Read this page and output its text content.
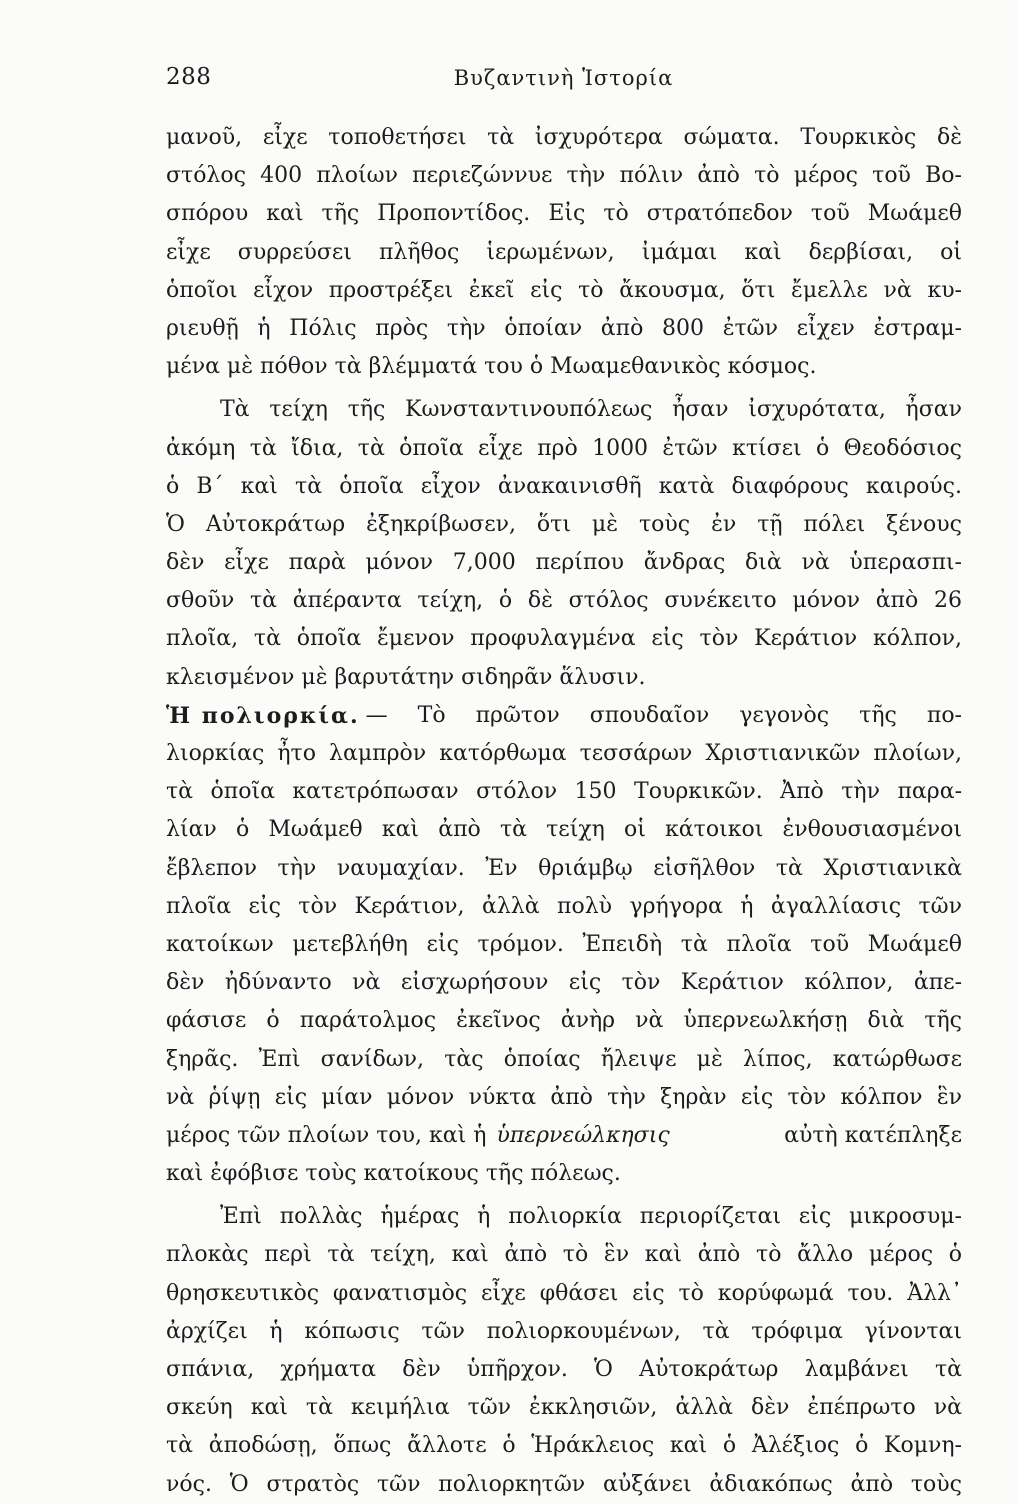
288	Βυζαντινὴ Ἱστορία
μανοῦ, εἶχε τοποθετήσει τὰ ἰσχυρότερα σώματα. Τουρκικὸς δὲ
στόλος 400 πλοίων περιεζώννυε τὴν πόλιν ἀπὸ τὸ μέρος τοῦ Βο-
σπόρου καὶ τῆς Προποντίδος. Εἰς τὸ στρατόπεδον τοῦ Μωάμεθ
εἶχε συρρεύσει πλῆθος ἱερωμένων, ἰμάμαι καὶ δερβίσαι, οἱ
ὁποῖοι εἶχον προστρέξει ἐκεῖ εἰς τὸ ἄκουσμα, ὅτι ἔμελλε νὰ κυ-
ριευθῇ ἡ Πόλις πρὸς τὴν ὁποίαν ἀπὸ 800 ἐτῶν εἶχεν ἐστραμ-
μένα μὲ πόθον τὰ βλέμματά του ὁ Μωαμεθανικὸς κόσμος.
Τὰ τείχη τῆς Κωνσταντινουπόλεως ἦσαν ἰσχυρότατα, ἦσαν
ἀκόμη τὰ ἴδια, τὰ ὁποῖα εἶχε πρὸ 1000 ἐτῶν κτίσει ὁ Θεοδόσιος
ὁ Β΄ καὶ τὰ ὁποῖα εἶχον ἀνακαινισθῆ κατὰ διαφόρους καιρούς.
Ὁ Αὐτοκράτωρ ἐξηκρίβωσεν, ὅτι μὲ τοὺς ἐν τῇ πόλει ξένους
δὲν εἶχε παρὰ μόνον 7,000 περίπου ἄνδρας διὰ νὰ ὑπερασπι-
σθοῦν τὰ ἀπέραντα τείχη, ὁ δὲ στόλος συνέκειτο μόνον ἀπὸ 26
πλοῖα, τὰ ὁποῖα ἔμενον προφυλαγμένα εἰς τὸν Κεράτιον κόλπον,
κλεισμένον μὲ βαρυτάτην σιδηρᾶν ἅλυσιν.
Ἡ πολιορκία. — Τὸ πρῶτον σπουδαῖον γεγονὸς τῆς πο-
λιορκίας ἦτο λαμπρὸν κατόρθωμα τεσσάρων Χριστιανικῶν πλοίων,
τὰ ὁποῖα κατετρόπωσαν στόλον 150 Τουρκικῶν. Ἀπὸ τὴν παρα-
λίαν ὁ Μωάμεθ καὶ ἀπὸ τὰ τείχη οἱ κάτοικοι ἐνθουσιασμένοι
ἔβλεπον τὴν ναυμαχίαν. Ἐν θριάμβῳ εἰσῆλθον τὰ Χριστιανικὰ
πλοῖα εἰς τὸν Κεράτιον, ἀλλὰ πολὺ γρήγορα ἡ ἀγαλλίασις τῶν
κατοίκων μετεβλήθη εἰς τρόμον. Ἐπειδὴ τὰ πλοῖα τοῦ Μωάμεθ
δὲν ἠδύναντο νὰ εἰσχωρήσουν εἰς τὸν Κεράτιον κόλπον, ἀπε-
φάσισε ὁ παράτολμος ἐκεῖνος ἀνὴρ νὰ ὑπερνεωλκήσῃ διὰ τῆς
ξηρᾶς. Ἐπὶ σανίδων, τὰς ὁποίας ἤλειψε μὲ λίπος, κατώρθωσε
νὰ ῥίψῃ εἰς μίαν μόνον νύκτα ἀπὸ τὴν ξηρὰν εἰς τὸν κόλπον ἓν
μέρος τῶν πλοίων του, καὶ ἡ ὑπερνεώλκησις	αὐτὴ κατέπληξε
καὶ ἐφόβισε τοὺς κατοίκους τῆς πόλεως.
Ἐπὶ πολλὰς ἡμέρας ἡ πολιορκία περιορίζεται εἰς μικροσυμ-
πλοκὰς περὶ τὰ τείχη, καὶ ἀπὸ τὸ ἓν καὶ ἀπὸ τὸ ἄλλο μέρος ὁ
θρησκευτικὸς φανατισμὸς εἶχε φθάσει εἰς τὸ κορύφωμά του. Ἀλλ᾽
ἀρχίζει ἡ κόπωσις τῶν πολιορκουμένων, τὰ τρόφιμα γίνονται
σπάνια, χρήματα δὲν ὑπῆρχον. Ὁ Αὐτοκράτωρ λαμβάνει τὰ
σκεύη καὶ τὰ κειμήλια τῶν ἐκκλησιῶν, ἀλλὰ δὲν ἐπέπρωτο νὰ
τὰ ἀποδώσῃ, ὅπως ἄλλοτε ὁ Ἡράκλειος καὶ ὁ Ἀλέξιος ὁ Κομνη-
νός. Ὁ στρατὸς τῶν πολιορκητῶν αὐξάνει ἀδιακόπως ἀπὸ τοὺς
